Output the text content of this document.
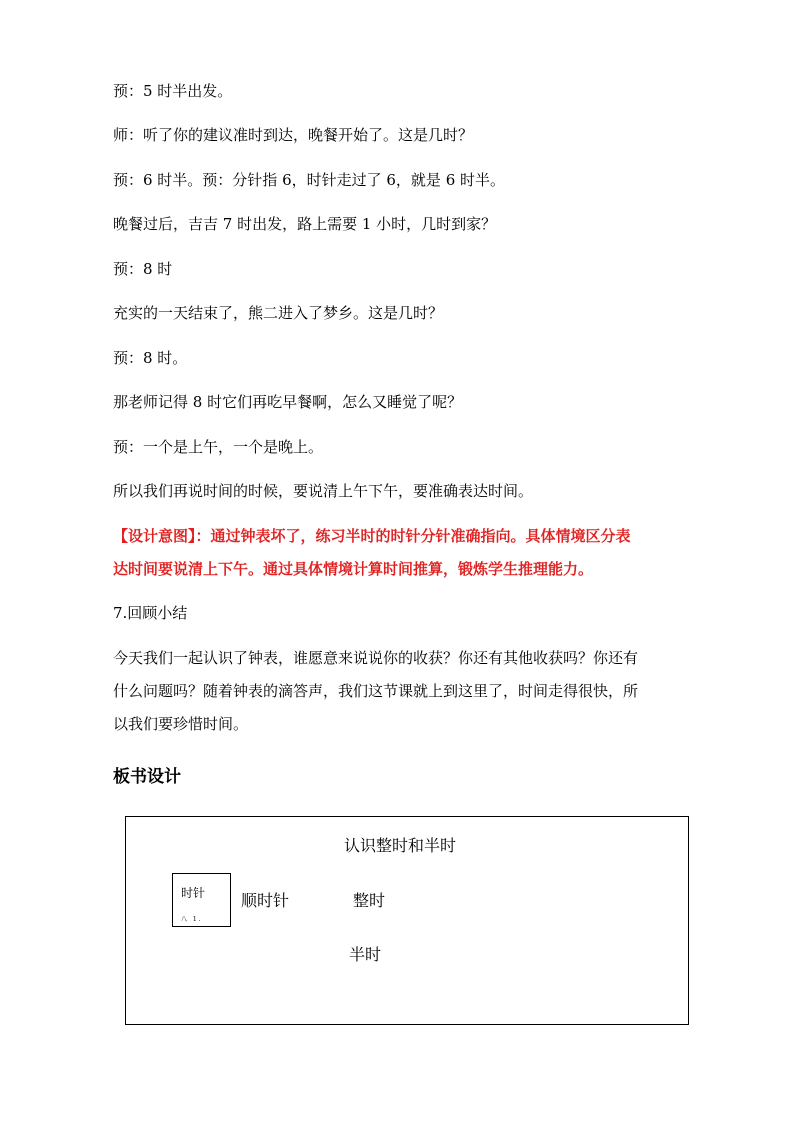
预：5 时半出发。
师：听了你的建议准时到达，晚餐开始了。这是几时？
预：6 时半。预：分针指 6，时针走过了 6，就是 6 时半。
晚餐过后，吉吉 7 时出发，路上需要 1 小时，几时到家？
预：8 时
充实的一天结束了，熊二进入了梦乡。这是几时？
预：8 时。
那老师记得 8 时它们再吃早餐啊，怎么又睡觉了呢？
预：一个是上午，一个是晚上。
所以我们再说时间的时候，要说清上午下午，要准确表达时间。
【设计意图】：通过钟表坏了，练习半时的时针分针准确指向。具体情境区分表
达时间要说清上下午。通过具体情境计算时间推算，锻炼学生推理能力。
7.回顾小结
今天我们一起认识了钟表，谁愿意来说说你的收获？你还有其他收获吗？你还有
什么问题吗？随着钟表的滴答声，我们这节课就上到这里了，时间走得很快，所
以我们要珍惜时间。
板书设计
认识整时和半时
时针
八 1.
顺时针	整时
半时
